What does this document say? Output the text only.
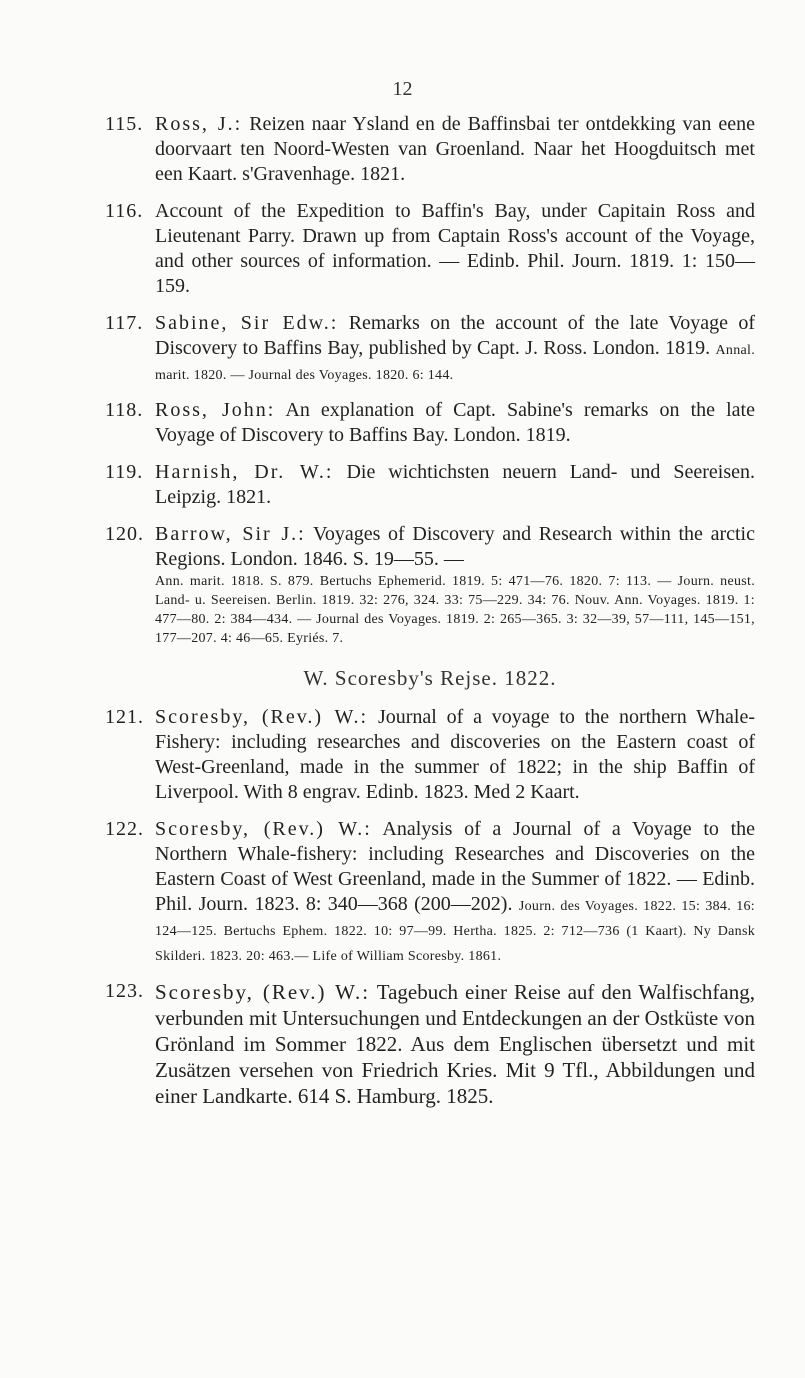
12
115. Ross, J.: Reizen naar Ysland en de Baffinsbai ter ontdekking van eene doorvaart ten Noord-Westen van Groenland. Naar het Hoogduitsch met een Kaart. s'Gravenhage. 1821.
116. Account of the Expedition to Baffin's Bay, under Capitain Ross and Lieutenant Parry. Drawn up from Captain Ross's account of the Voyage, and other sources of information. — Edinb. Phil. Journ. 1819. 1: 150—159.
117. Sabine, Sir Edw.: Remarks on the account of the late Voyage of Discovery to Baffins Bay, published by Capt. J. Ross. London. 1819. Annal. marit. 1820. — Journal des Voyages. 1820. 6: 144.
118. Ross, John: An explanation of Capt. Sabine's remarks on the late Voyage of Discovery to Baffins Bay. London. 1819.
119. Harnish, Dr. W.: Die wichtichsten neuern Land- und Seereisen. Leipzig. 1821.
120. Barrow, Sir J.: Voyages of Discovery and Research within the arctic Regions. London. 1846. S. 19—55. —
Ann. marit. 1818. S. 879. Bertuchs Ephemerid. 1819. 5: 471—76. 1820. 7: 113. — Journ. neust. Land- u. Seereisen. Berlin. 1819. 32: 276, 324. 33: 75—229. 34: 76. Nouv. Ann. Voyages. 1819. 1: 477—80. 2: 384—434. — Journal des Voyages. 1819. 2: 265—365. 3: 32—39, 57—111, 145—151, 177—207. 4: 46—65. Eyriés. 7.
W. Scoresby's Rejse. 1822.
121. Scoresby, (Rev.) W.: Journal of a voyage to the northern Whale-Fishery: including researches and discoveries on the Eastern coast of West-Greenland, made in the summer of 1822; in the ship Baffin of Liverpool. With 8 engrav. Edinb. 1823. Med 2 Kaart.
122. Scoresby, (Rev.) W.: Analysis of a Journal of a Voyage to the Northern Whale-fishery: including Researches and Discoveries on the Eastern Coast of West Greenland, made in the Summer of 1822. — Edinb. Phil. Journ. 1823. 8: 340—368 (200—202). Journ. des Voyages. 1822. 15: 384. 16: 124—125. Bertuchs Ephem. 1822. 10: 97—99. Hertha. 1825. 2: 712—736 (1 Kaart). Ny Dansk Skilderi. 1823. 20: 463.— Life of William Scoresby. 1861.
123. Scoresby, (Rev.) W.: Tagebuch einer Reise auf den Walfischfang, verbunden mit Untersuchungen und Entdeckungen an der Ostküste von Grönland im Sommer 1822. Aus dem Englischen übersetzt und mit Zusätzen versehen von Friedrich Kries. Mit 9 Tfl., Abbildungen und einer Landkarte. 614 S. Hamburg. 1825.
